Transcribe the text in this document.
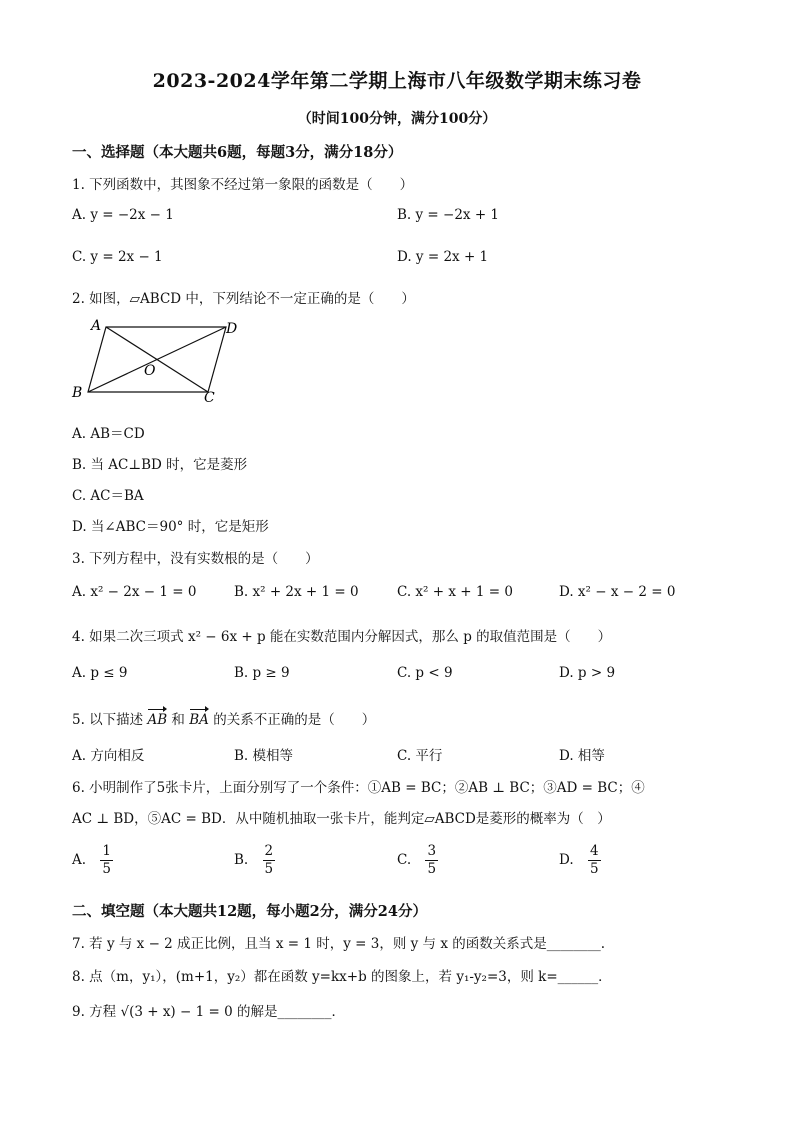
2023-2024学年第二学期上海市八年级数学期末练习卷
（时间100分钟，满分100分）
一、选择题（本大题共6题，每题3分，满分18分）
1. 下列函数中，其图象不经过第一象限的函数是（　　）
A. y = −2x − 1	B. y = −2x + 1
C. y = 2x − 1	D. y = 2x + 1
2. 如图，▱ABCD 中，下列结论不一定正确的是（　　）
A	D
B	C
O
A. AB＝CD
B. 当 AC⊥BD 时，它是菱形
C. AC＝BA
D. 当∠ABC＝90° 时，它是矩形
3. 下列方程中，没有实数根的是（　　）
A. x² − 2x − 1 = 0	B. x² + 2x + 1 = 0	C. x² + x + 1 = 0	D. x² − x − 2 = 0
4. 如果二次三项式 x² − 6x + p 能在实数范围内分解因式，那么 p 的取值范围是（　　）
A. p ≤ 9	B. p ≥ 9	C. p < 9	D. p > 9
5. 以下描述 AB 和 BA 的关系不正确的是（　　）
A. 方向相反	B. 模相等	C. 平行	D. 相等
6. 小明制作了5张卡片，上面分别写了一个条件：①AB = BC；②AB ⊥ BC；③AD = BC；④
AC ⊥ BD，⑤AC = BD．从中随机抽取一张卡片，能判定▱ABCD是菱形的概率为（　）
A. $\frac{1}{5}$	B. $\frac{2}{5}$	C. $\frac{3}{5}$	D. $\frac{4}{5}$
二、填空题（本大题共12题，每小题2分，满分24分）
7. 若 y 与 x − 2 成正比例，且当 x = 1 时，y = 3，则 y 与 x 的函数关系式是________.
8. 点（m，y₁），(m+1，y₂）都在函数 y=kx+b 的图象上，若 y₁-y₂=3，则 k=______．
9. 方程 √(3 + x) − 1 = 0 的解是________．
